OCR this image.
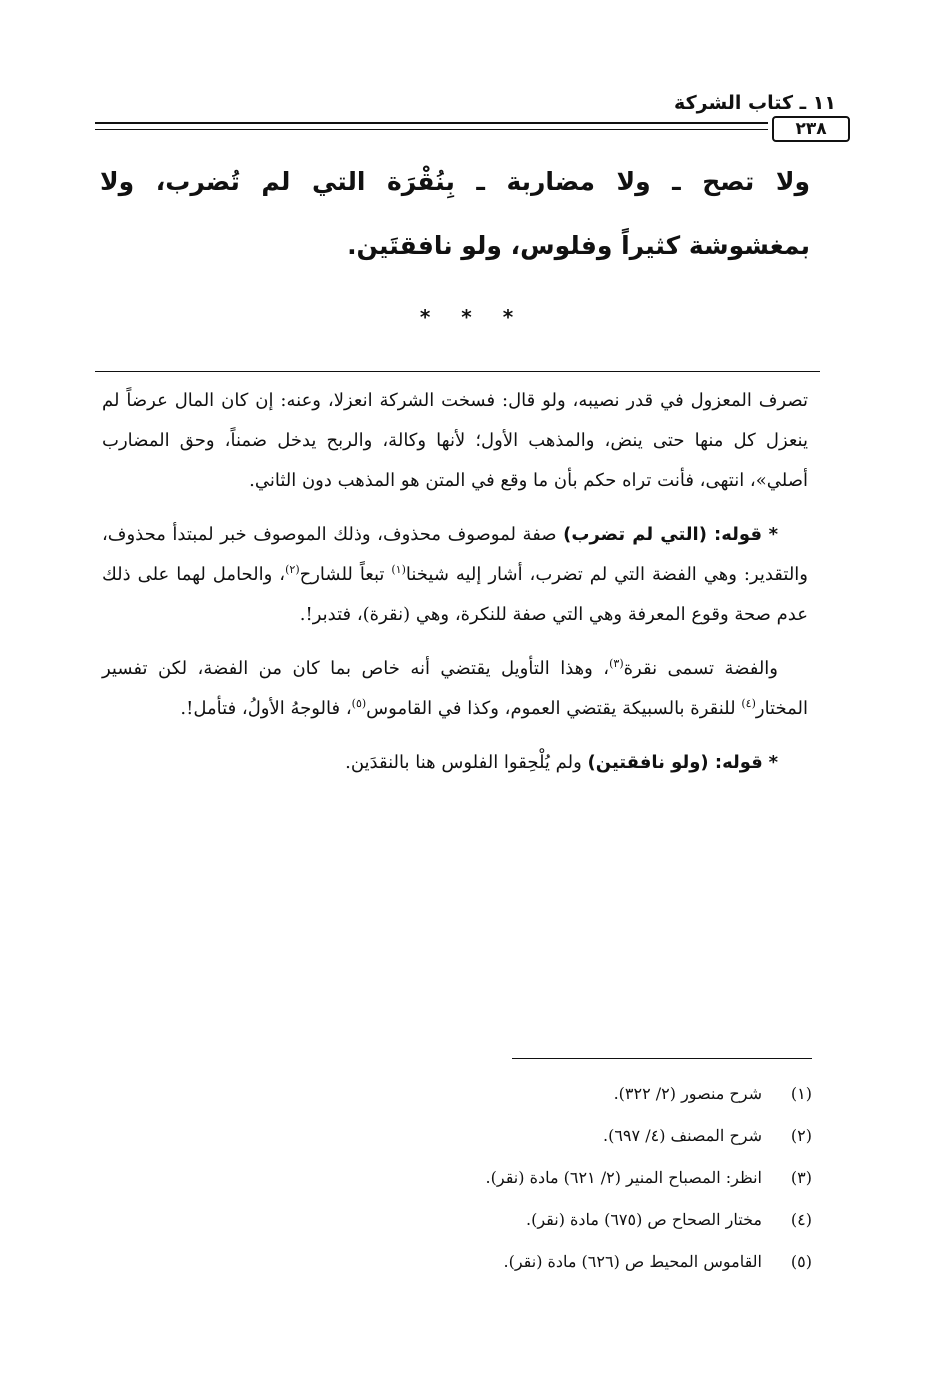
١١ ـ كتاب الشركة
٢٣٨

ولا تصح ـ ولا مضاربة ـ بِنُقْرَة التي لم تُضرب، ولا بمغشوشة كثيراً وفلوس، ولو نافقتَين.

* * *

تصرف المعزول في قدر نصيبه، ولو قال: فسخت الشركة انعزلا، وعنه: إن كان المال عرضاً لم ينعزل كل منها حتى ينض، والمذهب الأول؛ لأنها وكالة، والربح يدخل ضمناً، وحق المضارب أصلي»، انتهى، فأنت تراه حكم بأن ما وقع في المتن هو المذهب دون الثاني.

* قوله: (التي لم تضرب) صفة لموصوف محذوف، وذلك الموصوف خبر لمبتدأ محذوف، والتقدير: وهي الفضة التي لم تضرب، أشار إليه شيخنا$^{(١)}$ تبعاً للشارح$^{(٢)}$، والحامل لهما على ذلك عدم صحة وقوع المعرفة وهي التي صفة للنكرة، وهي (نقرة)، فتدبر!.

والفضة تسمى نقرة$^{(٣)}$، وهذا التأويل يقتضي أنه خاص بما كان من الفضة، لكن تفسير المختار$^{(٤)}$ للنقرة بالسبيكة يقتضي العموم، وكذا في القاموس$^{(٥)}$، فالوجهُ الأولُ، فتأمل!.

* قوله: (ولو نافقتين) ولم يُلْحِقوا الفلوس هنا بالنقدَين.

(١)
شرح منصور (٢/ ٣٢٢).
(٢)
شرح المصنف (٤/ ٦٩٧).
(٣)
انظر: المصباح المنير (٢/ ٦٢١) مادة (نقر).
(٤)
مختار الصحاح ص (٦٧٥) مادة (نقر).
(٥)
القاموس المحيط ص (٦٢٦) مادة (نقر).
